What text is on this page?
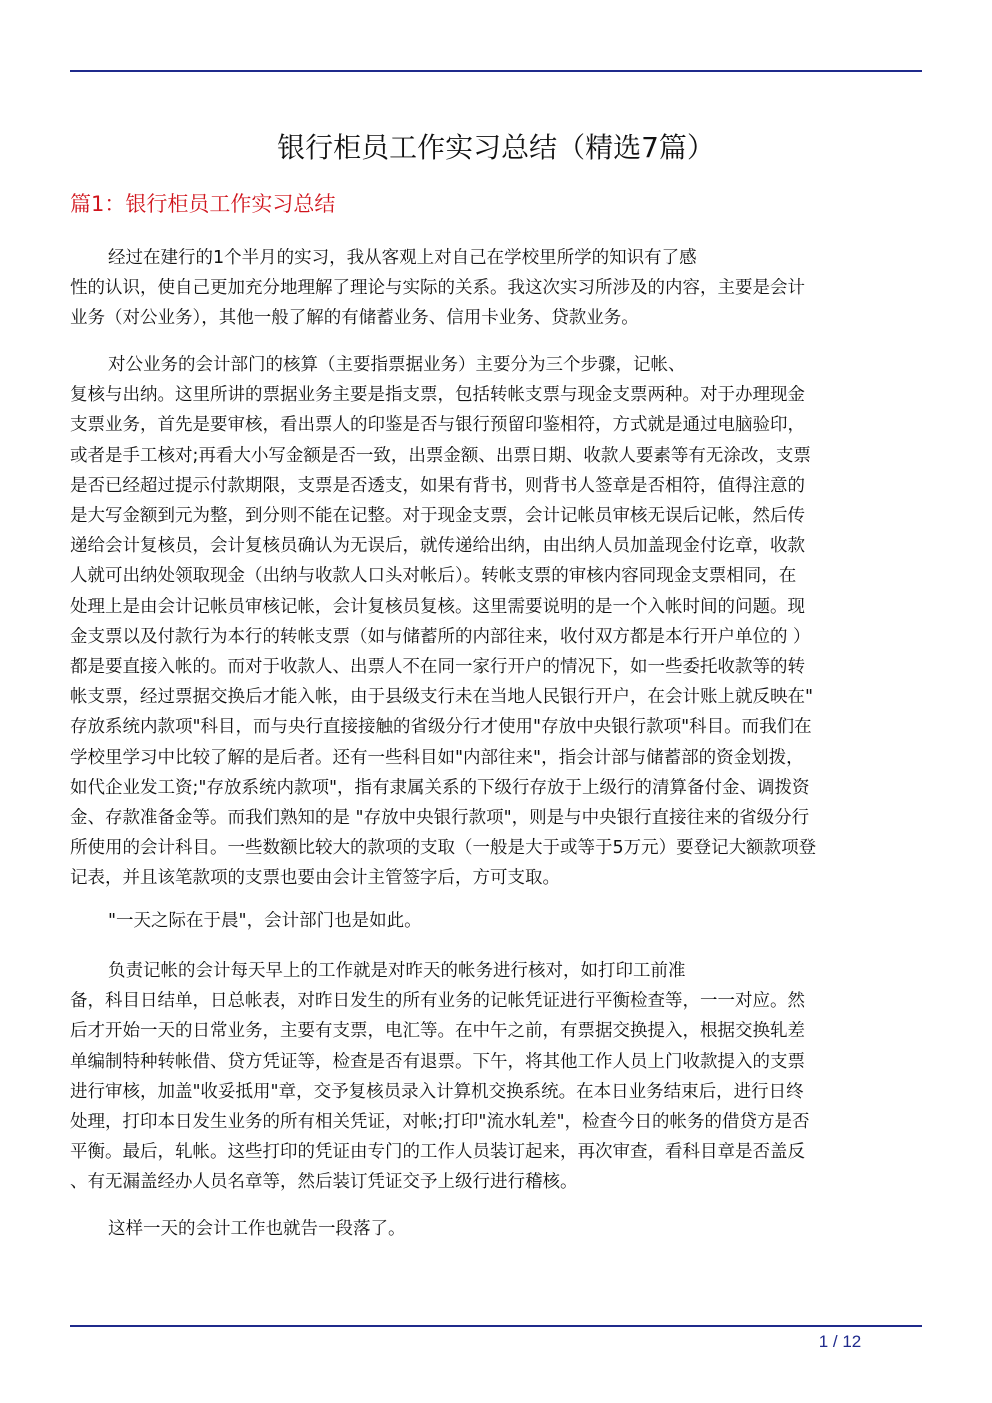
银行柜员工作实习总结（精选7篇）
篇1：银行柜员工作实习总结

经过在建行的1个半月的实习，我从客观上对自己在学校里所学的知识有了感

性的认识，使自己更加充分地理解了理论与实际的关系。我这次实习所涉及的内容，主要是会计

业务（对公业务），其他一般了解的有储蓄业务、信用卡业务、贷款业务。

对公业务的会计部门的核算（主要指票据业务）主要分为三个步骤，记帐、

复核与出纳。这里所讲的票据业务主要是指支票，包括转帐支票与现金支票两种。对于办理现金

支票业务，首先是要审核，看出票人的印鉴是否与银行预留印鉴相符，方式就是通过电脑验印，

或者是手工核对;再看大小写金额是否一致，出票金额、出票日期、收款人要素等有无涂改，支票

是否已经超过提示付款期限，支票是否透支，如果有背书，则背书人签章是否相符，值得注意的

是大写金额到元为整，到分则不能在记整。对于现金支票，会计记帐员审核无误后记帐，然后传

递给会计复核员，会计复核员确认为无误后，就传递给出纳，由出纳人员加盖现金付讫章，收款

人就可出纳处领取现金（出纳与收款人口头对帐后）。转帐支票的审核内容同现金支票相同，在

处理上是由会计记帐员审核记帐，会计复核员复核。这里需要说明的是一个入帐时间的问题。现

金支票以及付款行为本行的转帐支票（如与储蓄所的内部往来，收付双方都是本行开户单位的 ）

都是要直接入帐的。而对于收款人、出票人不在同一家行开户的情况下，如一些委托收款等的转

帐支票，经过票据交换后才能入帐，由于县级支行未在当地人民银行开户，在会计账上就反映在"

存放系统内款项"科目，而与央行直接接触的省级分行才使用"存放中央银行款项"科目。而我们在

学校里学习中比较了解的是后者。还有一些科目如"内部往来"，指会计部与储蓄部的资金划拨，

如代企业发工资;"存放系统内款项"，指有隶属关系的下级行存放于上级行的清算备付金、调拨资

金、存款准备金等。而我们熟知的是 "存放中央银行款项"，则是与中央银行直接往来的省级分行

所使用的会计科目。一些数额比较大的款项的支取（一般是大于或等于5万元）要登记大额款项登

记表，并且该笔款项的支票也要由会计主管签字后，方可支取。

"一天之际在于晨"，会计部门也是如此。

负责记帐的会计每天早上的工作就是对昨天的帐务进行核对，如打印工前准

备，科目日结单，日总帐表，对昨日发生的所有业务的记帐凭证进行平衡检查等，一一对应。然

后才开始一天的日常业务，主要有支票，电汇等。在中午之前，有票据交换提入，根据交换轧差

单编制特种转帐借、贷方凭证等，检查是否有退票。下午，将其他工作人员上门收款提入的支票

进行审核，加盖"收妥抵用"章，交予复核员录入计算机交换系统。在本日业务结束后，进行日终

处理，打印本日发生业务的所有相关凭证，对帐;打印"流水轧差"，检查今日的帐务的借贷方是否

平衡。最后，轧帐。这些打印的凭证由专门的工作人员装订起来，再次审查，看科目章是否盖反

、有无漏盖经办人员名章等，然后装订凭证交予上级行进行稽核。

这样一天的会计工作也就告一段落了。

1 / 12
